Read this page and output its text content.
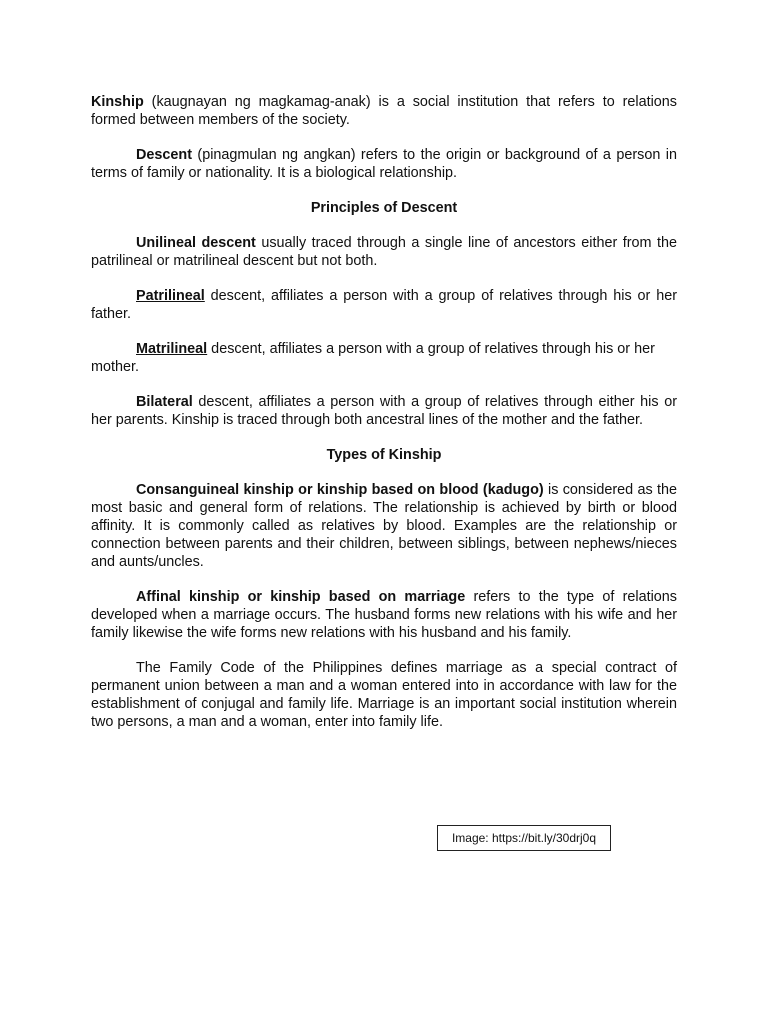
Kinship (kaugnayan ng magkamag-anak) is a social institution that refers to relations formed between members of the society.

Descent (pinagmulan ng angkan) refers to the origin or background of a person in terms of family or nationality. It is a biological relationship.

Principles of Descent

Unilineal descent usually traced through a single line of ancestors either from the patrilineal or matrilineal descent but not both.

Patrilineal descent, affiliates a person with a group of relatives through his or her father.

Matrilineal descent, affiliates a person with a group of relatives through his or her mother.

Bilateral descent, affiliates a person with a group of relatives through either his or her parents. Kinship is traced through both ancestral lines of the mother and the father.

Types of Kinship

Consanguineal kinship or kinship based on blood (kadugo) is considered as the most basic and general form of relations. The relationship is achieved by birth or blood affinity. It is commonly called as relatives by blood. Examples are the relationship or connection between parents and their children, between siblings, between nephews/nieces and aunts/uncles.

Affinal kinship or kinship based on marriage refers to the type of relations developed when a marriage occurs. The husband forms new relations with his wife and her family likewise the wife forms new relations with his husband and his family.

The Family Code of the Philippines defines marriage as a special contract of permanent union between a man and a woman entered into in accordance with law for the establishment of conjugal and family life. Marriage is an important social institution wherein two persons, a man and a woman, enter into family life.

Image: https://bit.ly/30drj0q
